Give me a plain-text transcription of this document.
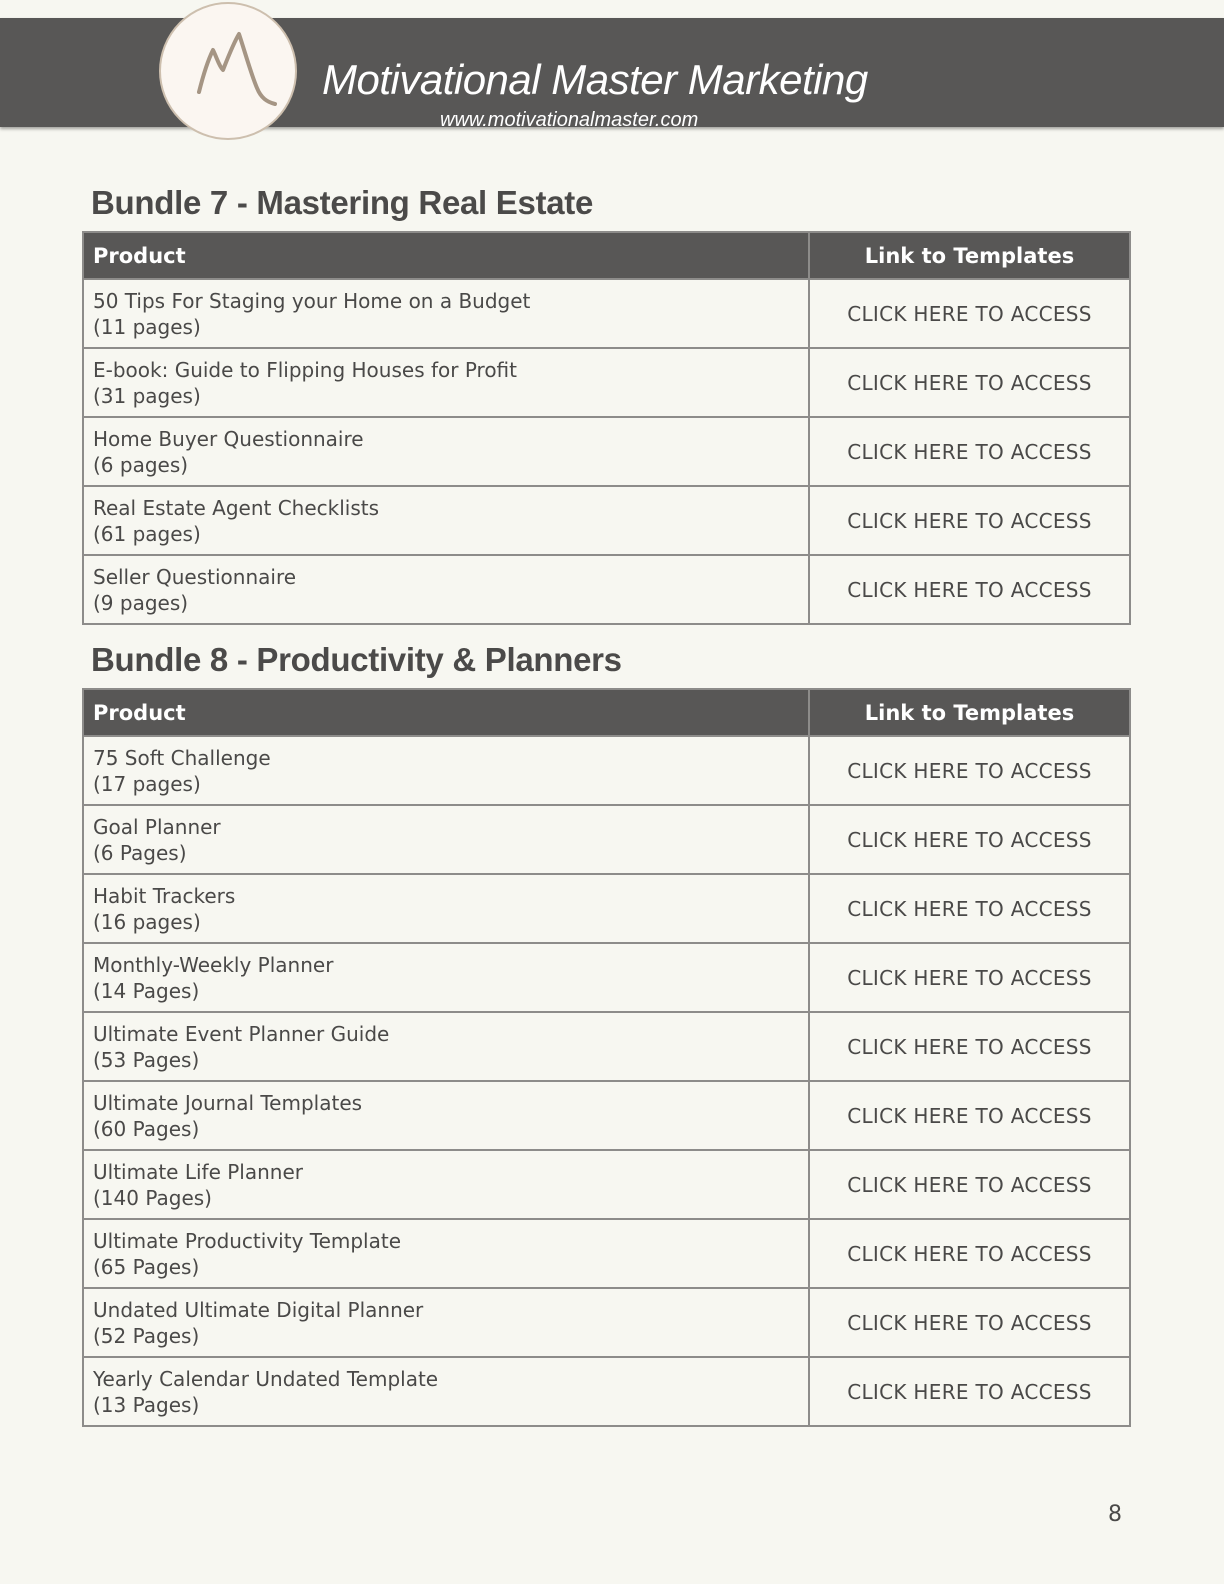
Motivational Master Marketing
www.motivationalmaster.com
Bundle 7 - Mastering Real Estate
Product	Link to Templates

50 Tips For Staging your Home on a Budget
(11 pages)	CLICK HERE TO ACCESS

E-book: Guide to Flipping Houses for Profit
(31 pages)	CLICK HERE TO ACCESS

Home Buyer Questionnaire
(6 pages)	CLICK HERE TO ACCESS

Real Estate Agent Checklists
(61 pages)	CLICK HERE TO ACCESS

Seller Questionnaire
(9 pages)	CLICK HERE TO ACCESS
Bundle 8 - Productivity & Planners
Product	Link to Templates

75 Soft Challenge
(17 pages)	CLICK HERE TO ACCESS

Goal Planner
(6 Pages)	CLICK HERE TO ACCESS

Habit Trackers
(16 pages)	CLICK HERE TO ACCESS

Monthly-Weekly Planner
(14 Pages)	CLICK HERE TO ACCESS

Ultimate Event Planner Guide
(53 Pages)	CLICK HERE TO ACCESS

Ultimate Journal Templates
(60 Pages)	CLICK HERE TO ACCESS

Ultimate Life Planner
(140 Pages)	CLICK HERE TO ACCESS

Ultimate Productivity Template
(65 Pages)	CLICK HERE TO ACCESS

Undated Ultimate Digital Planner
(52 Pages)	CLICK HERE TO ACCESS

Yearly Calendar Undated Template
(13 Pages)	CLICK HERE TO ACCESS
8
